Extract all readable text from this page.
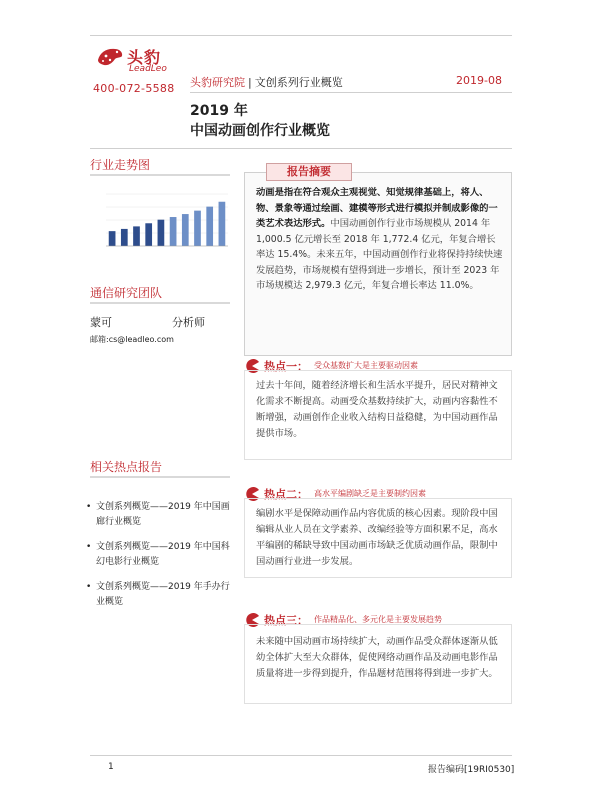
头豹
LeadLeo
400-072-5588 头豹研究院 | 文创系列行业概览	2019-08
2019 年
中国动画创作行业概览
行业走势图
通信研究团队
蒙可	分析师
邮箱:cs@leadleo.com
相关热点报告
• 文创系列概览——2019 年中国画廊行业概览
• 文创系列概览——2019 年中国科幻电影行业概览
• 文创系列概览——2019 年手办行业概览
报告摘要
动画是指在符合观众主观视觉、知觉规律基础上，将人、物、景象等通过绘画、建模等形式进行模拟并制成影像的一类艺术表达形式。中国动画创作行业市场规模从 2014 年 1,000.5 亿元增长至 2018 年 1,772.4 亿元，年复合增长率达 15.4%。未来五年，中国动画创作行业将保持持续快速发展趋势，市场规模有望得到进一步增长，预计至 2023 年市场规模达 2,979.3 亿元，年复合增长率达 11.0%。
热点一： 受众基数扩大是主要驱动因素
过去十年间，随着经济增长和生活水平提升，居民对精神文化需求不断提高。动画受众基数持续扩大，动画内容黏性不断增强，动画创作企业收入结构日益稳健，为中国动画作品提供市场。
热点二： 高水平编剧缺乏是主要制约因素
编剧水平是保障动画作品内容优质的核心因素。现阶段中国编辑从业人员在文学素养、改编经验等方面积累不足，高水平编剧的稀缺导致中国动画市场缺乏优质动画作品，限制中国动画行业进一步发展。
热点三： 作品精品化、多元化是主要发展趋势
未来随中国动画市场持续扩大，动画作品受众群体逐渐从低幼全体扩大至大众群体，促使网络动画作品及动画电影作品质量将进一步得到提升，作品题材范围将得到进一步扩大。
1	报告编码[19RI0530]
